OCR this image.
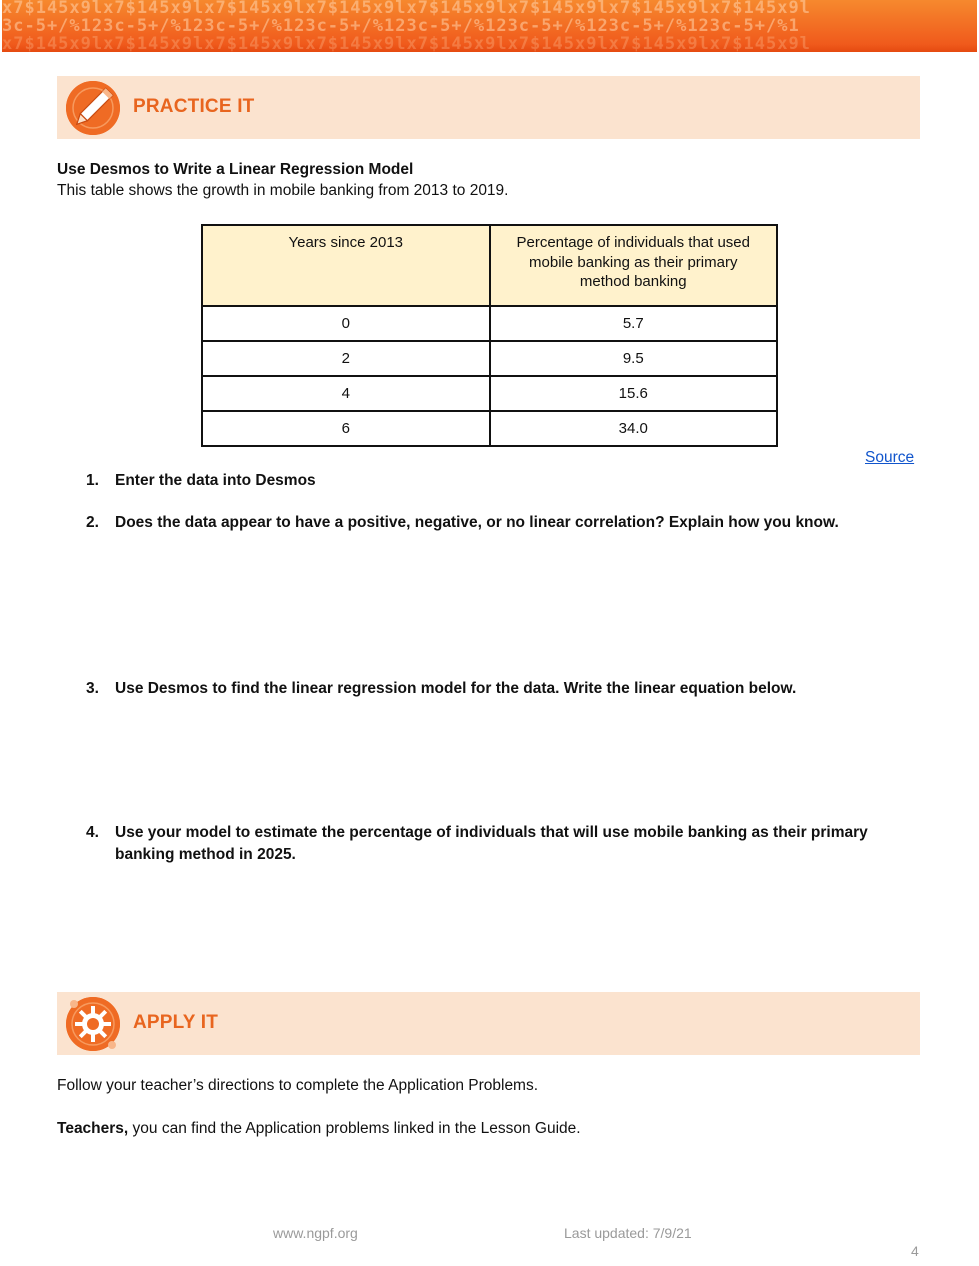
x7$145x9lx7$145x9lx7$145x9lx7$145x9lx7$145x9lx7$145x9lx7$145x9lx7$145x9l
3c-5+/%123c-5+/%123c-5+/%123c-5+/%123c-5+/%123c-5+/%123c-5+/%123c-5+/%1
x7$145x9lx7$145x9lx7$145x9lx7$145x9lx7$145x9lx7$145x9lx7$145x9lx7$145x9l
PRACTICE IT
Use Desmos to Write a Linear Regression Model
This table shows the growth in mobile banking from 2013 to 2019.
Years since 2013	Percentage of individuals that used mobile banking as their primary method banking
0	5.7
2	9.5
4	15.6
6	34.0
Source
1. Enter the data into Desmos
2. Does the data appear to have a positive, negative, or no linear correlation? Explain how you know.
3. Use Desmos to find the linear regression model for the data. Write the linear equation below.
4. Use your model to estimate the percentage of individuals that will use mobile banking as their primary banking method in 2025.
APPLY IT
Follow your teacher’s directions to complete the Application Problems.
Teachers, you can find the Application problems linked in the Lesson Guide.
www.ngpf.org	Last updated: 7/9/21
4
